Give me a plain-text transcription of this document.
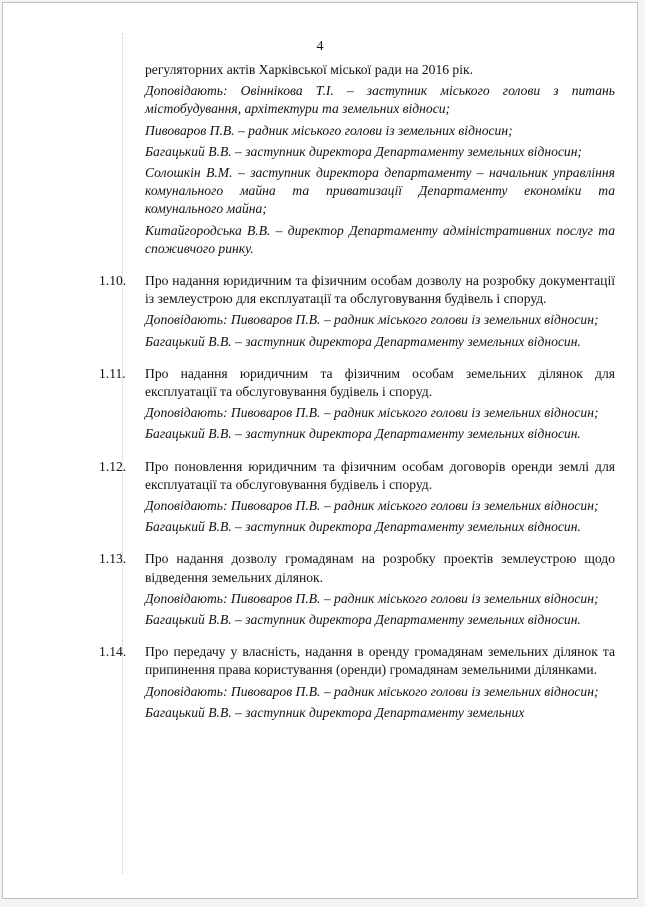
4

регуляторних актів Харківської міської ради на 2016 рік.

Доповідають: Овіннікова Т.І. – заступник міського голови з питань містобудування, архітектури та земельних відноси;

Пивоваров П.В. – радник міського голови із земельних відносин;

Багацький В.В. – заступник директора Департаменту земельних відносин;

Солошкін В.М. – заступник директора департаменту – начальник управління комунального майна та приватизації Департаменту економіки та комунального майна;

Китайгородська В.В. – директор Департаменту адміністративних послуг та споживчого ринку.

1.10. Про надання юридичним та фізичним особам дозволу на розробку документації із землеустрою для експлуатації та обслуговування будівель і споруд.

Доповідають: Пивоваров П.В. – радник міського голови із земельних відносин;

Багацький В.В. – заступник директора Департаменту земельних відносин.

1.11. Про надання юридичним та фізичним особам земельних ділянок для експлуатації та обслуговування будівель і споруд.

Доповідають: Пивоваров П.В. – радник міського голови із земельних відносин;

Багацький В.В. – заступник директора Департаменту земельних відносин.

1.12. Про поновлення юридичним та фізичним особам договорів оренди землі для експлуатації та обслуговування будівель і споруд.

Доповідають: Пивоваров П.В. – радник міського голови із земельних відносин;

Багацький В.В. – заступник директора Департаменту земельних відносин.

1.13. Про надання дозволу громадянам на розробку проектів землеустрою щодо відведення земельних ділянок.

Доповідають: Пивоваров П.В. – радник міського голови із земельних відносин;

Багацький В.В. – заступник директора Департаменту земельних відносин.

1.14. Про передачу у власність, надання в оренду громадянам земельних ділянок та припинення права користування (оренди) громадянам земельними ділянками.

Доповідають: Пивоваров П.В. – радник міського голови із земельних відносин;

Багацький В.В. – заступник директора Департаменту земельних
